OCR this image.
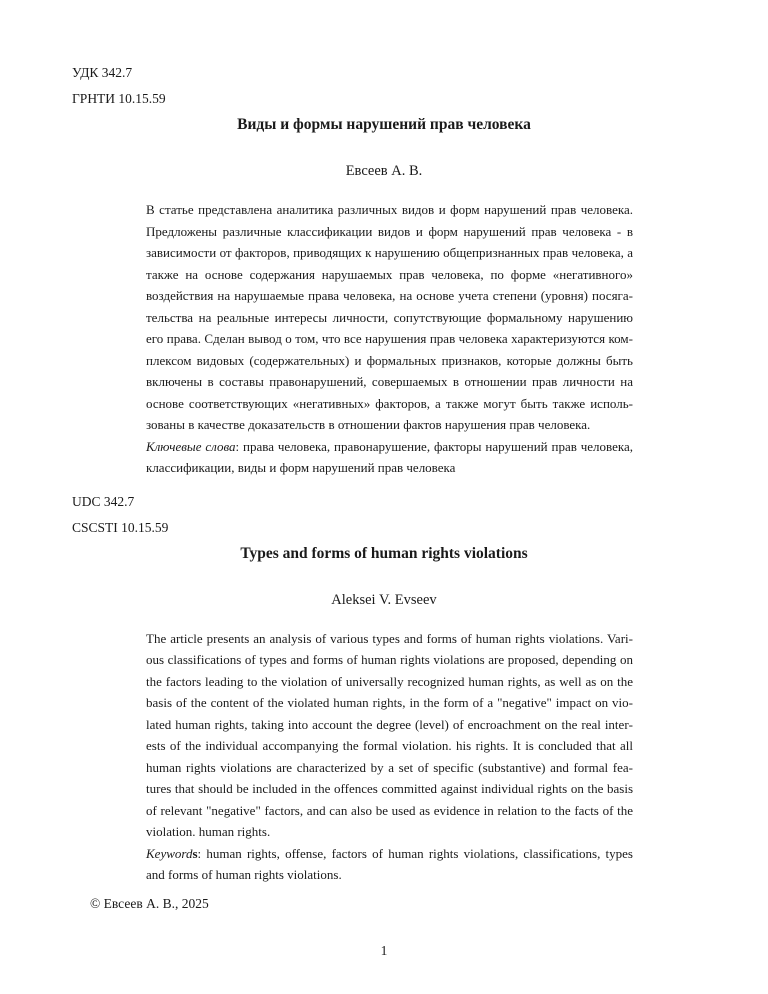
УДК 342.7
ГРНТИ 10.15.59
Виды и формы нарушений прав человека
Евсеев А. В.

В статье представлена аналитика различных видов и форм нарушений прав человека. Предложены различные классификации видов и форм нарушений прав человека - в зависимости от факторов, приводящих к нарушению общепризнанных прав человека, а также на основе содержания нарушаемых прав человека, по форме «негативного» воздействия на нарушаемые права человека, на основе учета степени (уровня) посягательства на реальные интересы личности, сопутствующие формальному нарушению его права. Сделан вывод о том, что все нарушения прав человека характеризуются комплексом видовых (содержательных) и формальных признаков, которые должны быть включены в составы правонарушений, совершаемых в отношении прав личности на основе соответствующих «негативных» факторов, а также могут быть также использованы в качестве доказательств в отношении фактов нарушения прав человека.

Ключевые слова: права человека, правонарушение, факторы нарушений прав человека, классификации, виды и форм нарушений прав человека

UDC 342.7
CSCSTI 10.15.59
Types and forms of human rights violations
Aleksei V. Evseev

The article presents an analysis of various types and forms of human rights violations. Various classifications of types and forms of human rights violations are proposed, depending on the factors leading to the violation of universally recognized human rights, as well as on the basis of the content of the violated human rights, in the form of a "negative" impact on violated human rights, taking into account the degree (level) of encroachment on the real interests of the individual accompanying the formal violation. his rights. It is concluded that all human rights violations are characterized by a set of specific (substantive) and formal features that should be included in the offences committed against individual rights on the basis of relevant "negative" factors, and can also be used as evidence in relation to the facts of the violation. human rights.

Keywords: human rights, offense, factors of human rights violations, classifications, types and forms of human rights violations.

© Евсеев А. В., 2025
1
